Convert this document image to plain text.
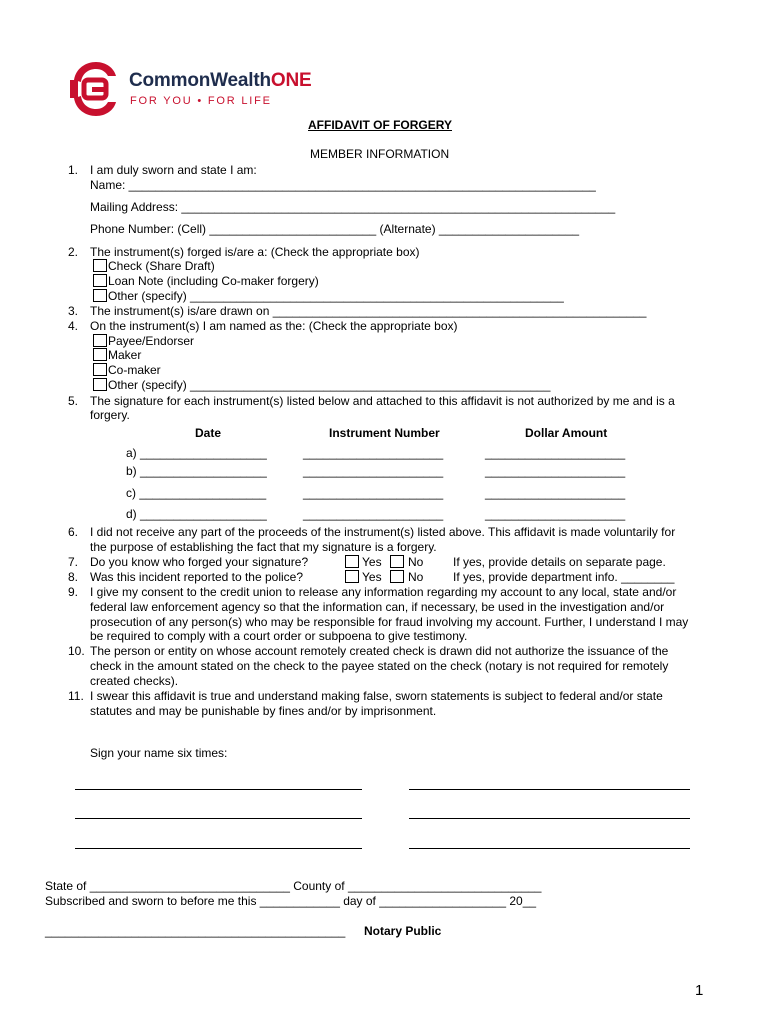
CommonWealthONE
FOR YOU • FOR LIFE
AFFIDAVIT OF FORGERY
MEMBER INFORMATION
1. I am duly sworn and state I am:
Name: ______________________________________________________________________
Mailing Address: _________________________________________________________________
Phone Number: (Cell) _________________________ (Alternate) _____________________
2. The instrument(s) forged is/are a: (Check the appropriate box)
Check (Share Draft)
Loan Note (including Co-maker forgery)
Other (specify) ________________________________________________________
3. The instrument(s) is/are drawn on ________________________________________________________
4. On the instrument(s) I am named as the: (Check the appropriate box)
Payee/Endorser
Maker
Co-maker
Other (specify) ______________________________________________________
5. The signature for each instrument(s) listed below and attached to this affidavit is not authorized by me and is a
forgery.
Date	Instrument Number	Dollar Amount
a) ___________________	_____________________	_____________________
b) ___________________	_____________________	_____________________
c) ___________________	_____________________	_____________________
d) ___________________	_____________________	_____________________
6. I did not receive any part of the proceeds of the instrument(s) listed above. This affidavit is made voluntarily for
the purpose of establishing the fact that my signature is a forgery.
7. Do you know who forged your signature?	Yes No If yes, provide details on separate page.
8. Was this incident reported to the police?	Yes No If yes, provide department info. ________
9. I give my consent to the credit union to release any information regarding my account to any local, state and/or
federal law enforcement agency so that the information can, if necessary, be used in the investigation and/or
prosecution of any person(s) who may be responsible for fraud involving my account. Further, I understand I may
be required to comply with a court order or subpoena to give testimony.
10. The person or entity on whose account remotely created check is drawn did not authorize the issuance of the
check in the amount stated on the check to the payee stated on the check (notary is not required for remotely
created checks).
11. I swear this affidavit is true and understand making false, sworn statements is subject to federal and/or state
statutes and may be punishable by fines and/or by imprisonment.
Sign your name six times:
State of ______________________________ County of _____________________________
Subscribed and sworn to before me this ____________ day of ___________________ 20__
_____________________________________________ Notary Public
1
